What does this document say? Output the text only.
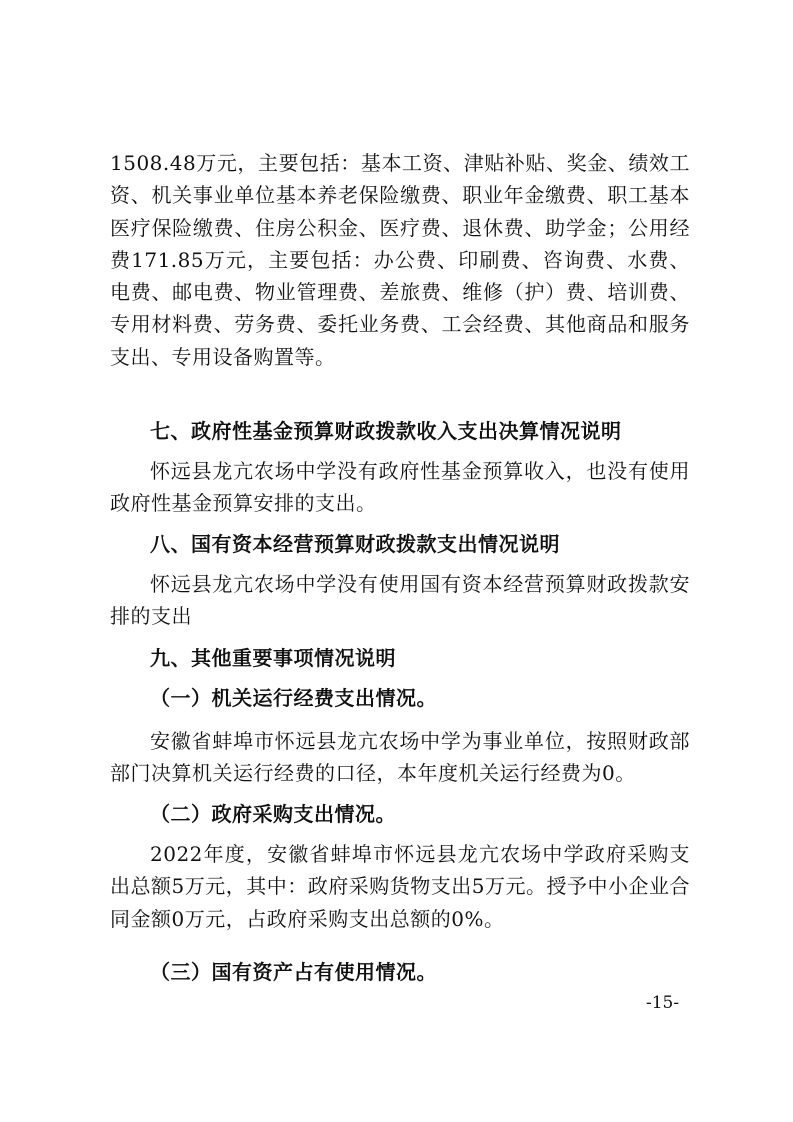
1508.48万元，主要包括：基本工资、津贴补贴、奖金、绩效工资、机关事业单位基本养老保险缴费、职业年金缴费、职工基本医疗保险缴费、住房公积金、医疗费、退休费、助学金；公用经费171.85万元，主要包括：办公费、印刷费、咨询费、水费、电费、邮电费、物业管理费、差旅费、维修（护）费、培训费、专用材料费、劳务费、委托业务费、工会经费、其他商品和服务支出、专用设备购置等。

七、政府性基金预算财政拨款收入支出决算情况说明

怀远县龙亢农场中学没有政府性基金预算收入，也没有使用政府性基金预算安排的支出。

八、国有资本经营预算财政拨款支出情况说明

怀远县龙亢农场中学没有使用国有资本经营预算财政拨款安排的支出

九、其他重要事项情况说明
（一）机关运行经费支出情况。

安徽省蚌埠市怀远县龙亢农场中学为事业单位，按照财政部部门决算机关运行经费的口径，本年度机关运行经费为0。

（二）政府采购支出情况。

2022年度，安徽省蚌埠市怀远县龙亢农场中学政府采购支出总额5万元，其中：政府采购货物支出5万元。授予中小企业合同金额0万元，占政府采购支出总额的0%。

（三）国有资产占有使用情况。

-15-
